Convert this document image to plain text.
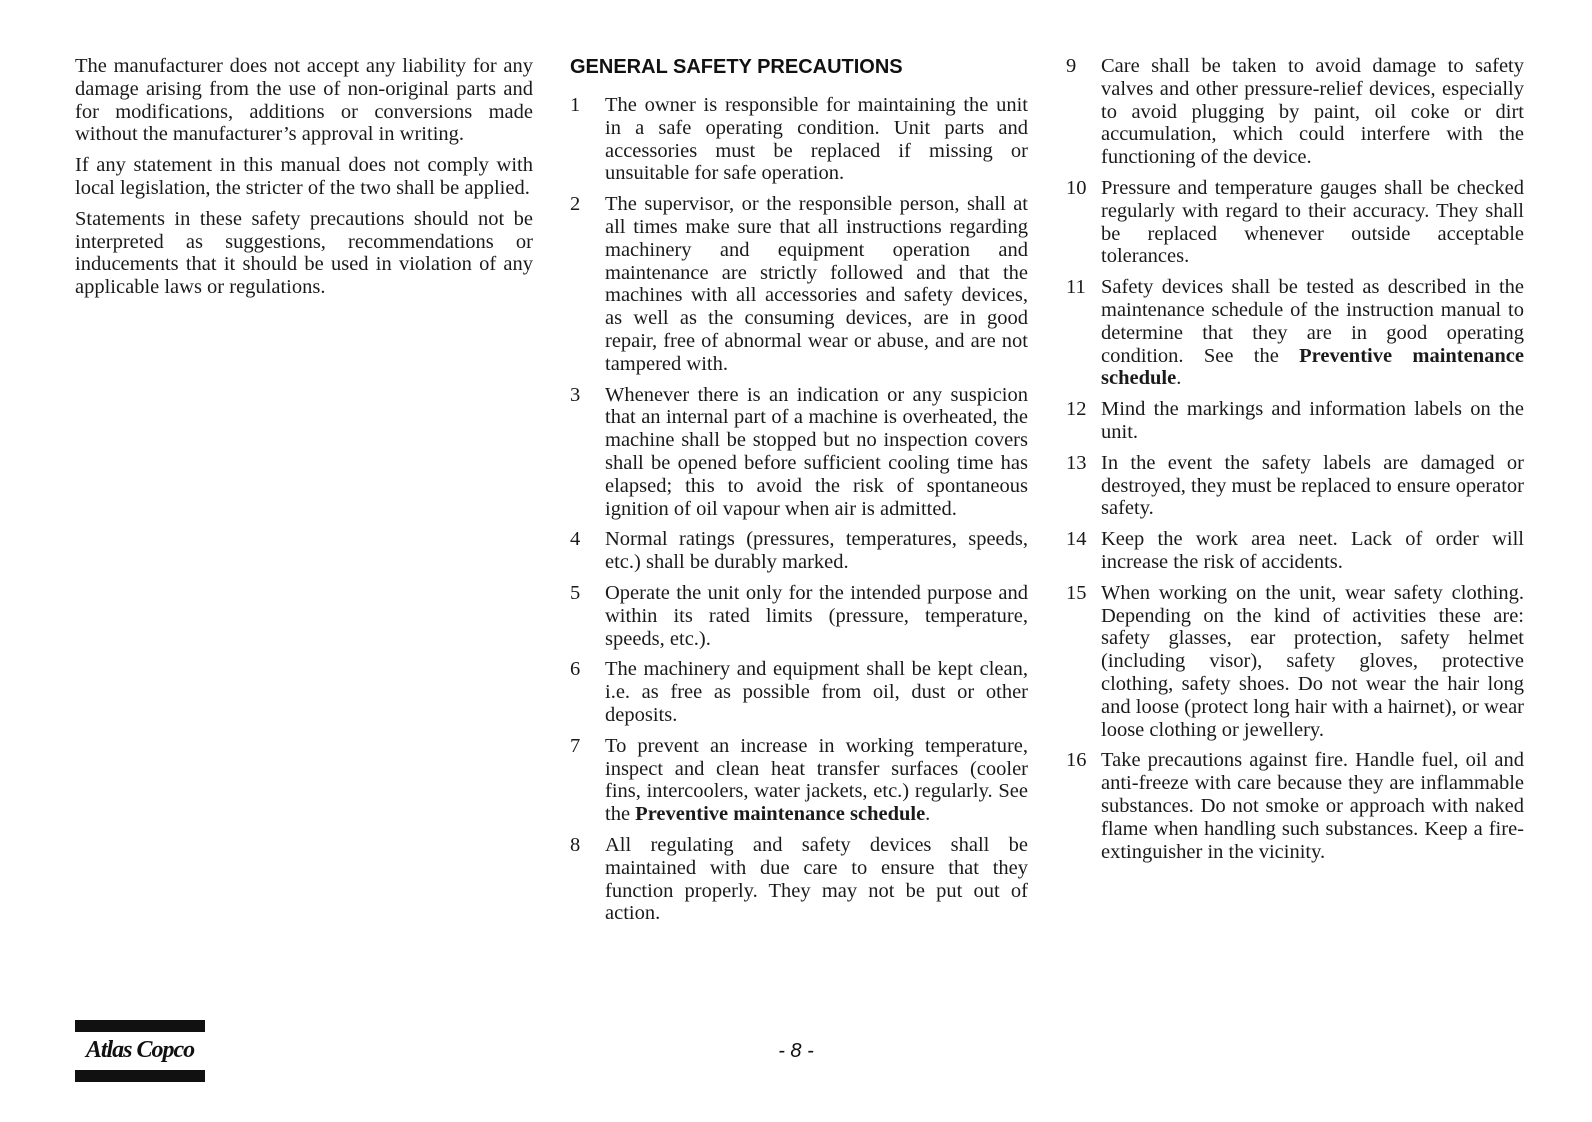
The manufacturer does not accept any liability for any damage arising from the use of non-original parts and for modifications, additions or conversions made without the manufacturer’s approval in writing.

If any statement in this manual does not comply with local legislation, the stricter of the two shall be applied.

Statements in these safety precautions should not be interpreted as suggestions, recommendations or inducements that it should be used in violation of any applicable laws or regulations.

GENERAL SAFETY PRECAUTIONS
1 The owner is responsible for maintaining the unit in a safe operating condition. Unit parts and accessories must be replaced if missing or unsuitable for safe operation.
2 The supervisor, or the responsible person, shall at all times make sure that all instructions regarding machinery and equipment operation and maintenance are strictly followed and that the machines with all accessories and safety devices, as well as the consuming devices, are in good repair, free of abnormal wear or abuse, and are not tampered with.
3 Whenever there is an indication or any suspicion that an internal part of a machine is overheated, the machine shall be stopped but no inspection covers shall be opened before sufficient cooling time has elapsed; this to avoid the risk of spontaneous ignition of oil vapour when air is admitted.
4 Normal ratings (pressures, temperatures, speeds, etc.) shall be durably marked.
5 Operate the unit only for the intended purpose and within its rated limits (pressure, temperature, speeds, etc.).
6 The machinery and equipment shall be kept clean, i.e. as free as possible from oil, dust or other deposits.
7 To prevent an increase in working temperature, inspect and clean heat transfer surfaces (cooler fins, intercoolers, water jackets, etc.) regularly. See the Preventive maintenance schedule.
8 All regulating and safety devices shall be maintained with due care to ensure that they function properly. They may not be put out of action.
9 Care shall be taken to avoid damage to safety valves and other pressure-relief devices, especially to avoid plugging by paint, oil coke or dirt accumulation, which could interfere with the functioning of the device.
10 Pressure and temperature gauges shall be checked regularly with regard to their accuracy. They shall be replaced whenever outside acceptable tolerances.
11 Safety devices shall be tested as described in the maintenance schedule of the instruction manual to determine that they are in good operating condition. See the Preventive maintenance schedule.
12 Mind the markings and information labels on the unit.
13 In the event the safety labels are damaged or destroyed, they must be replaced to ensure operator safety.
14 Keep the work area neet. Lack of order will increase the risk of accidents.
15 When working on the unit, wear safety clothing. Depending on the kind of activities these are: safety glasses, ear protection, safety helmet (including visor), safety gloves, protective clothing, safety shoes. Do not wear the hair long and loose (protect long hair with a hairnet), or wear loose clothing or jewellery.
16 Take precautions against fire. Handle fuel, oil and anti-freeze with care because they are inflammable substances. Do not smoke or approach with naked flame when handling such substances. Keep a fire-extinguisher in the vicinity.
Atlas Copco	- 8 -
